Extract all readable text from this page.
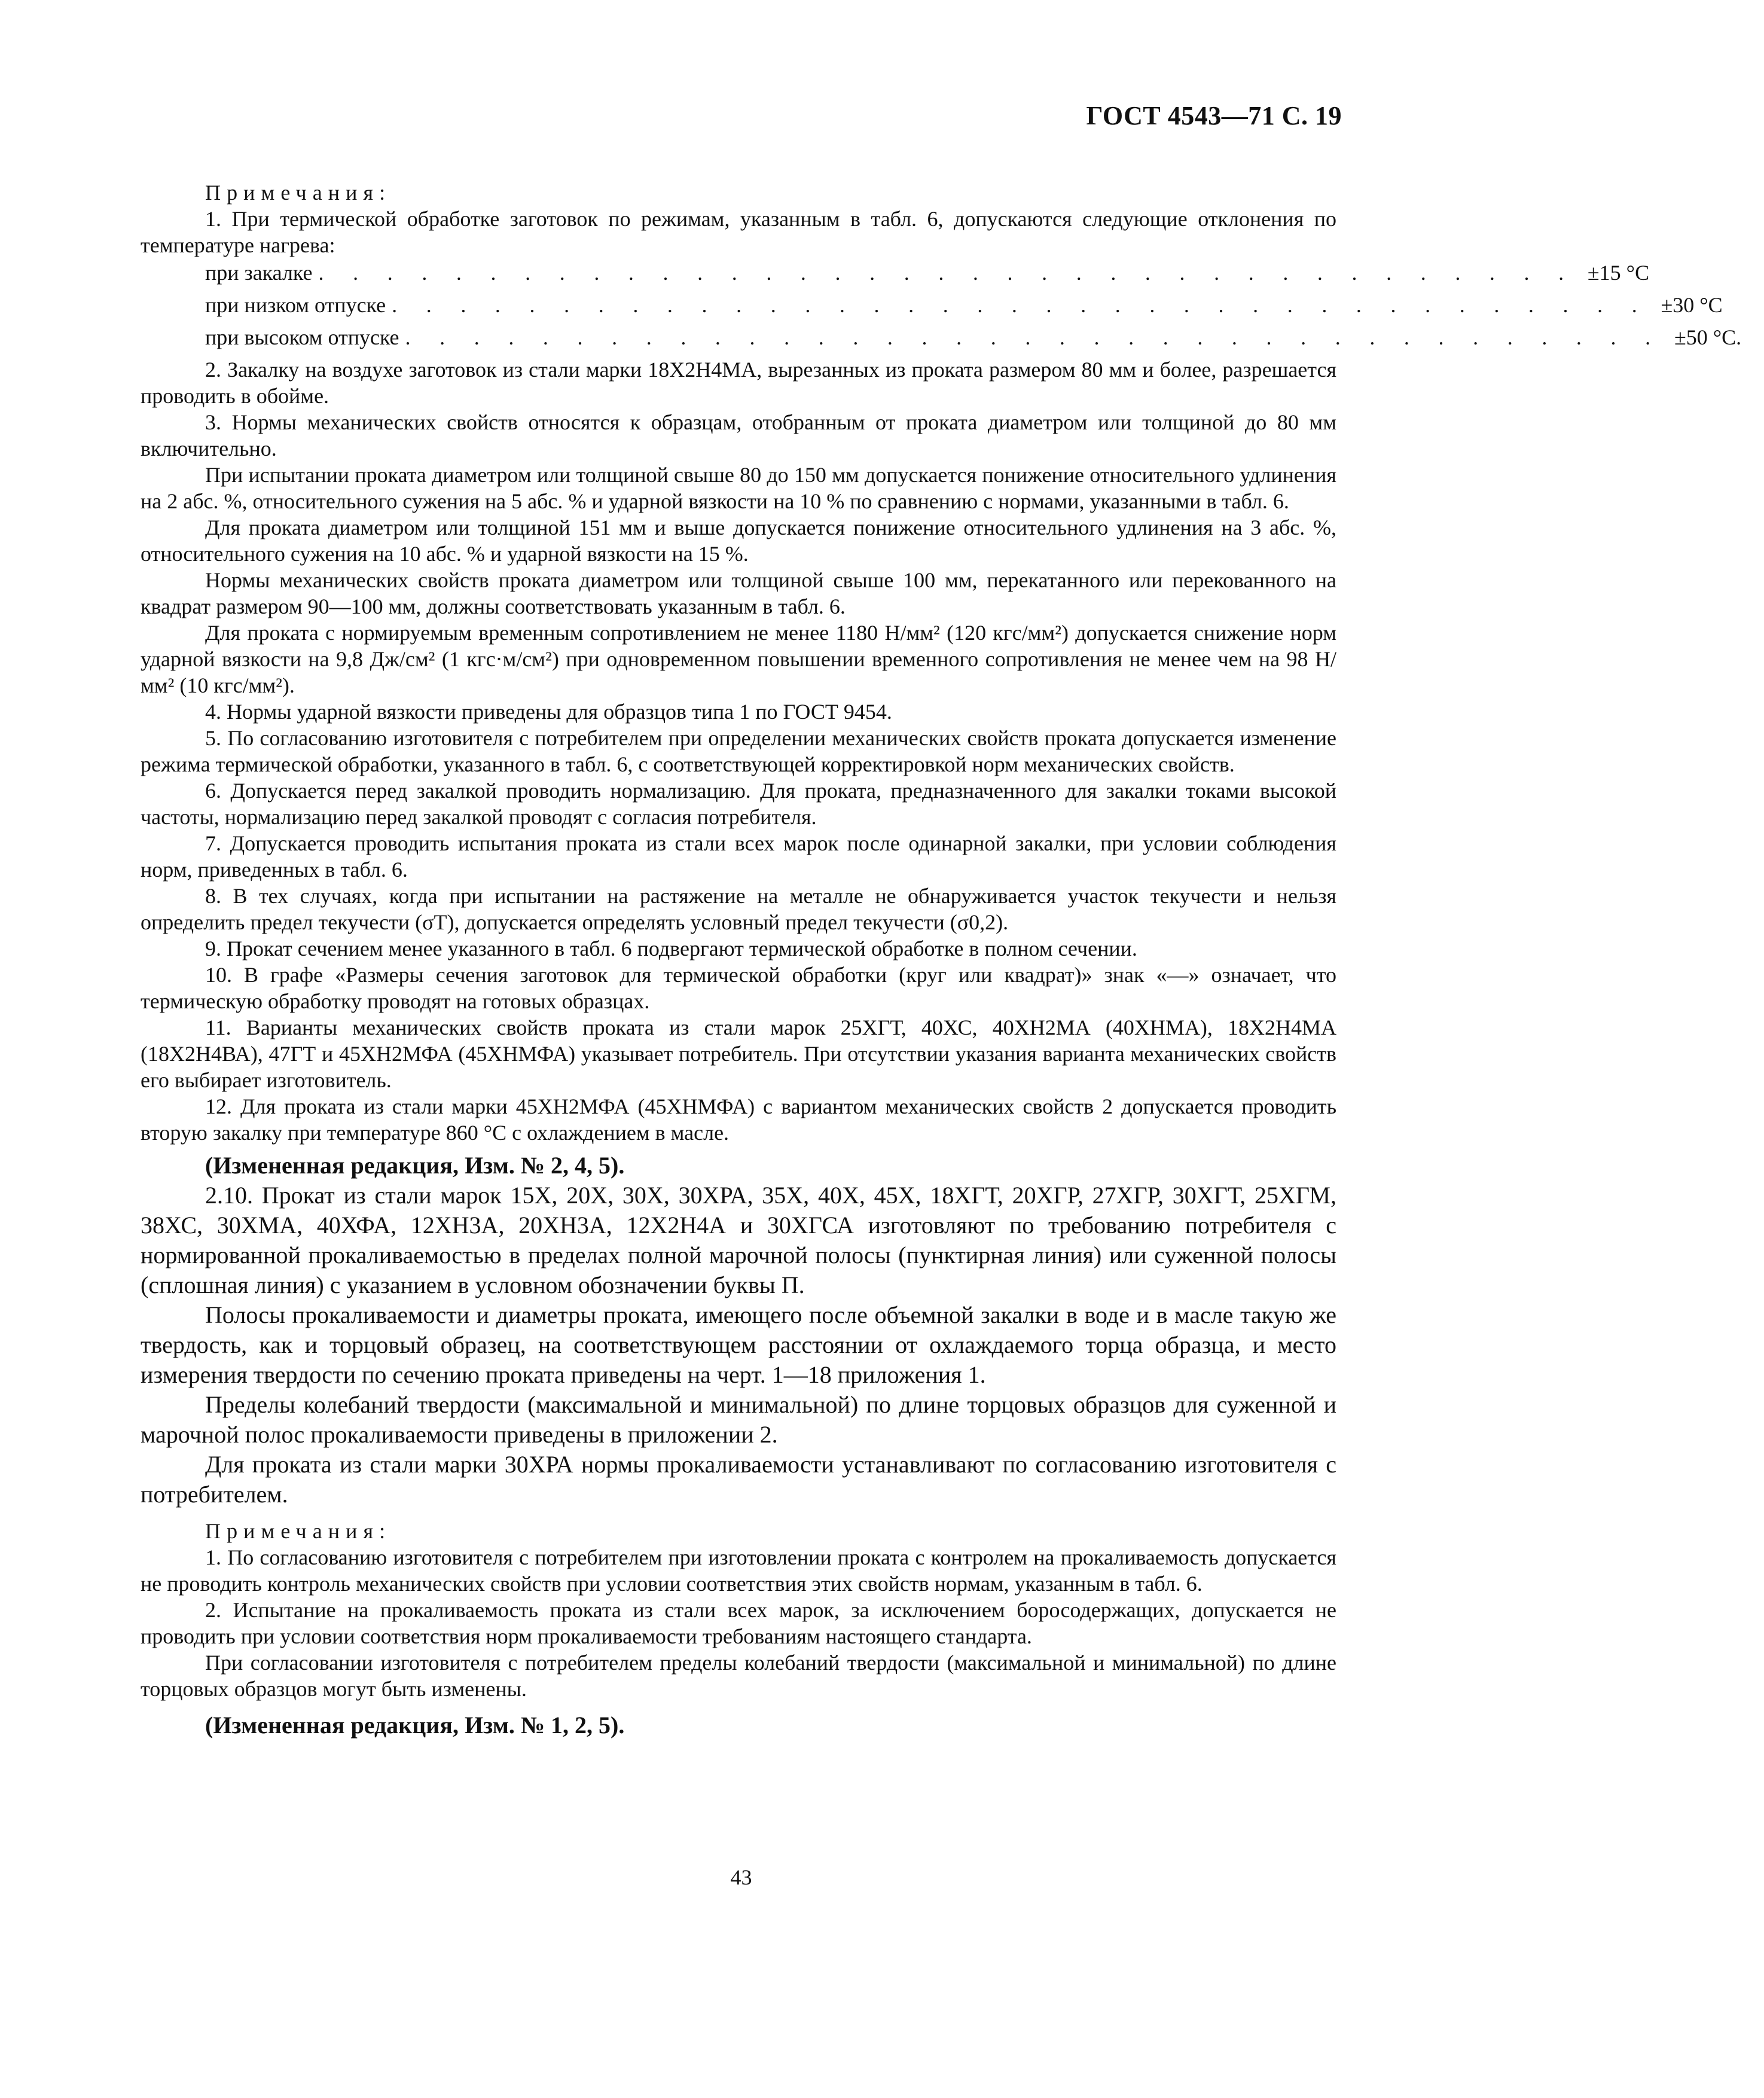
ГОСТ 4543—71 С. 19

Примечания:

1. При термической обработке заготовок по режимам, указанным в табл. 6, допускаются следующие отклонения по температуре нагрева:

при закалке . . . . . . . . . . . . . . . . . . . . . . . . . . . . . . . . . . . . . ±15 °C
при низком отпуске . . . . . . . . . . . . . . . . . . . . . . . . . . . . . . . . . . . . . ±30 °C
при высоком отпуске . . . . . . . . . . . . . . . . . . . . . . . . . . . . . . . . . . . . . ±50 °C.

2. Закалку на воздухе заготовок из стали марки 18Х2Н4МА, вырезанных из проката размером 80 мм и более, разрешается проводить в обойме.

3. Нормы механических свойств относятся к образцам, отобранным от проката диаметром или толщиной до 80 мм включительно.

При испытании проката диаметром или толщиной свыше 80 до 150 мм допускается понижение относительного удлинения на 2 абс. %, относительного сужения на 5 абс. % и ударной вязкости на 10 % по сравнению с нормами, указанными в табл. 6.

Для проката диаметром или толщиной 151 мм и выше допускается понижение относительного удлинения на 3 абс. %, относительного сужения на 10 абс. % и ударной вязкости на 15 %.

Нормы механических свойств проката диаметром или толщиной свыше 100 мм, перекатанного или перекованного на квадрат размером 90—100 мм, должны соответствовать указанным в табл. 6.

Для проката с нормируемым временным сопротивлением не менее 1180 Н/мм² (120 кгс/мм²) допускается снижение норм ударной вязкости на 9,8 Дж/см² (1 кгс·м/см²) при одновременном повышении временного сопротивления не менее чем на 98 Н/мм² (10 кгс/мм²).

4. Нормы ударной вязкости приведены для образцов типа 1 по ГОСТ 9454.

5. По согласованию изготовителя с потребителем при определении механических свойств проката допускается изменение режима термической обработки, указанного в табл. 6, с соответствующей корректировкой норм механических свойств.

6. Допускается перед закалкой проводить нормализацию. Для проката, предназначенного для закалки токами высокой частоты, нормализацию перед закалкой проводят с согласия потребителя.

7. Допускается проводить испытания проката из стали всех марок после одинарной закалки, при условии соблюдения норм, приведенных в табл. 6.

8. В тех случаях, когда при испытании на растяжение на металле не обнаруживается участок текучести и нельзя определить предел текучести (σТ), допускается определять условный предел текучести (σ0,2).

9. Прокат сечением менее указанного в табл. 6 подвергают термической обработке в полном сечении.

10. В графе «Размеры сечения заготовок для термической обработки (круг или квадрат)» знак «—» означает, что термическую обработку проводят на готовых образцах.

11. Варианты механических свойств проката из стали марок 25ХГТ, 40ХС, 40ХН2МА (40ХНМА), 18Х2Н4МА (18Х2Н4ВА), 47ГТ и 45ХН2МФА (45ХНМФА) указывает потребитель. При отсутствии указания варианта механических свойств его выбирает изготовитель.

12. Для проката из стали марки 45ХН2МФА (45ХНМФА) с вариантом механических свойств 2 допускается проводить вторую закалку при температуре 860 °С с охлаждением в масле.

(Измененная редакция, Изм. № 2, 4, 5).

2.10. Прокат из стали марок 15Х, 20Х, 30Х, 30ХРА, 35Х, 40Х, 45Х, 18ХГТ, 20ХГР, 27ХГР, 30ХГТ, 25ХГМ, 38ХС, 30ХМА, 40ХФА, 12ХН3А, 20ХН3А, 12Х2Н4А и 30ХГСА изготовляют по требованию потребителя с нормированной прокаливаемостью в пределах полной марочной полосы (пунктирная линия) или суженной полосы (сплошная линия) с указанием в условном обозначении буквы П.

Полосы прокаливаемости и диаметры проката, имеющего после объемной закалки в воде и в масле такую же твердость, как и торцовый образец, на соответствующем расстоянии от охлаждаемого торца образца, и место измерения твердости по сечению проката приведены на черт. 1—18 приложения 1.

Пределы колебаний твердости (максимальной и минимальной) по длине торцовых образцов для суженной и марочной полос прокаливаемости приведены в приложении 2.

Для проката из стали марки 30ХРА нормы прокаливаемости устанавливают по согласованию изготовителя с потребителем.

Примечания:

1. По согласованию изготовителя с потребителем при изготовлении проката с контролем на прокаливаемость допускается не проводить контроль механических свойств при условии соответствия этих свойств нормам, указанным в табл. 6.

2. Испытание на прокаливаемость проката из стали всех марок, за исключением боросодержащих, допускается не проводить при условии соответствия норм прокаливаемости требованиям настоящего стандарта.

При согласовании изготовителя с потребителем пределы колебаний твердости (максимальной и минимальной) по длине торцовых образцов могут быть изменены.

(Измененная редакция, Изм. № 1, 2, 5).

43
